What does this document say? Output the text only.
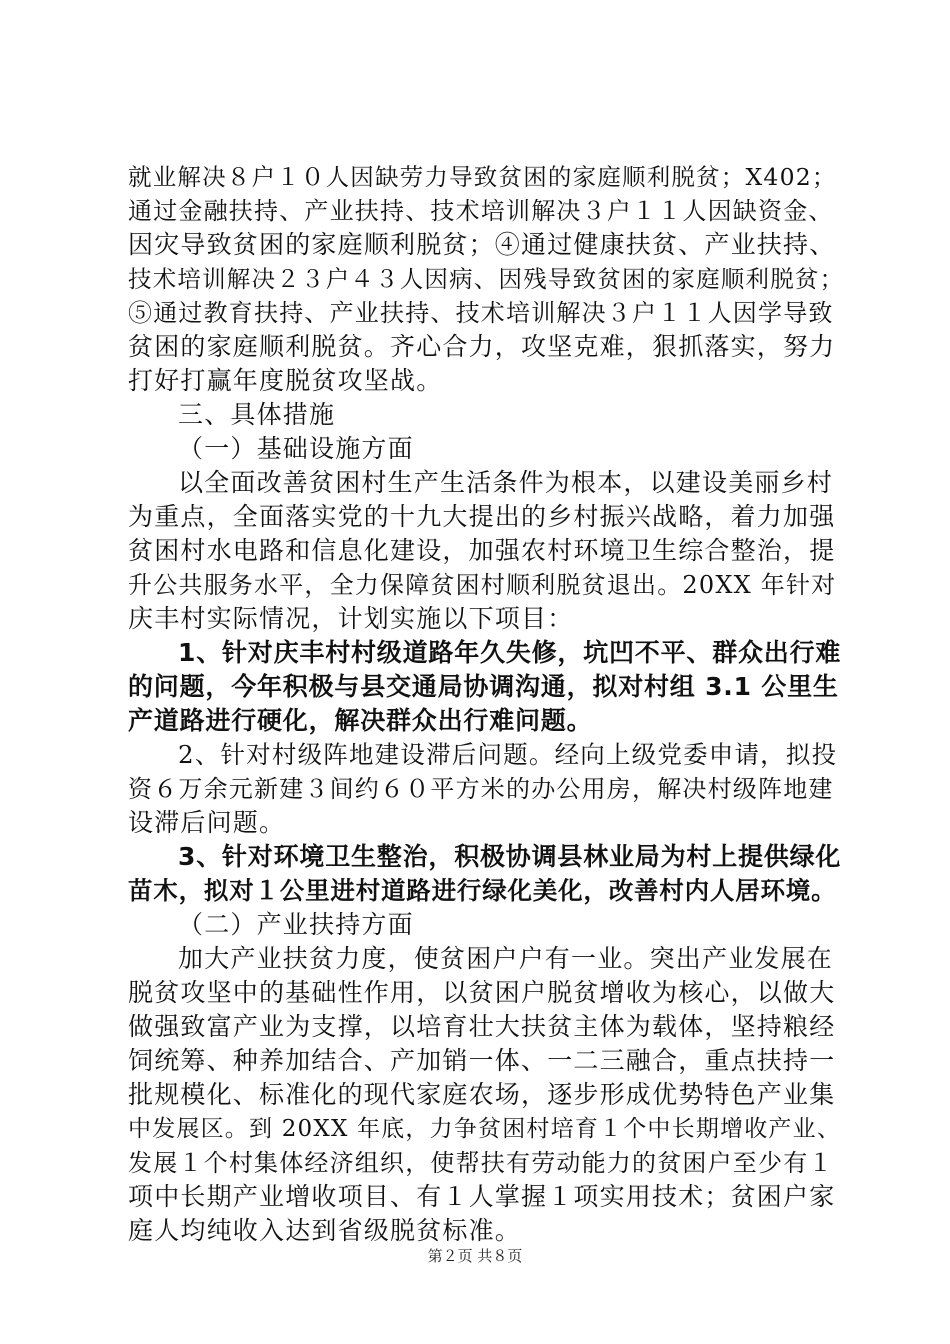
就业解决８户１０人因缺劳力导致贫困的家庭顺利脱贫；X402；
通过金融扶持、产业扶持、技术培训解决３户１１人因缺资金、
因灾导致贫困的家庭顺利脱贫；④通过健康扶贫、产业扶持、
技术培训解决２３户４３人因病、因残导致贫困的家庭顺利脱贫；
⑤通过教育扶持、产业扶持、技术培训解决３户１１人因学导致
贫困的家庭顺利脱贫。齐心合力，攻坚克难，狠抓落实，努力
打好打赢年度脱贫攻坚战。
三、具体措施
（一）基础设施方面
以全面改善贫困村生产生活条件为根本，以建设美丽乡村
为重点，全面落实党的十九大提出的乡村振兴战略，着力加强
贫困村水电路和信息化建设，加强农村环境卫生综合整治，提
升公共服务水平，全力保障贫困村顺利脱贫退出。20XX 年针对
庆丰村实际情况，计划实施以下项目：
1、针对庆丰村村级道路年久失修，坑凹不平、群众出行难
的问题，今年积极与县交通局协调沟通，拟对村组 3.1 公里生
产道路进行硬化，解决群众出行难问题。
2、针对村级阵地建设滞后问题。经向上级党委申请，拟投
资６万余元新建３间约６０平方米的办公用房，解决村级阵地建
设滞后问题。
3、针对环境卫生整治，积极协调县林业局为村上提供绿化
苗木，拟对１公里进村道路进行绿化美化，改善村内人居环境。
（二）产业扶持方面
加大产业扶贫力度，使贫困户户有一业。突出产业发展在
脱贫攻坚中的基础性作用，以贫困户脱贫增收为核心，以做大
做强致富产业为支撑，以培育壮大扶贫主体为载体，坚持粮经
饲统筹、种养加结合、产加销一体、一二三融合，重点扶持一
批规模化、标准化的现代家庭农场，逐步形成优势特色产业集
中发展区。到 20XX 年底，力争贫困村培育１个中长期增收产业、
发展１个村集体经济组织，使帮扶有劳动能力的贫困户至少有１
项中长期产业增收项目、有１人掌握１项实用技术；贫困户家
庭人均纯收入达到省级脱贫标准。
第２页 共８页
